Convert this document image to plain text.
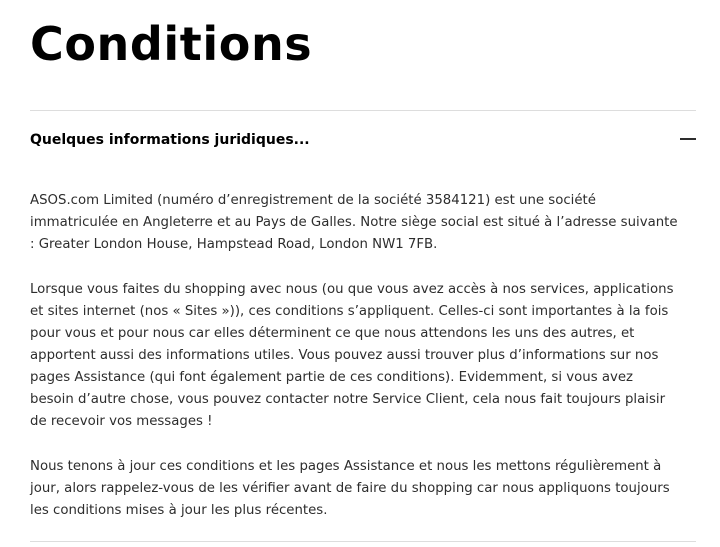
Conditions
Quelques informations juridiques...

ASOS.com Limited (numéro d’enregistrement de la société 3584121) est une société
immatriculée en Angleterre et au Pays de Galles. Notre siège social est situé à l’adresse suivante
: Greater London House, Hampstead Road, London NW1 7FB.

Lorsque vous faites du shopping avec nous (ou que vous avez accès à nos services, applications
et sites internet (nos « Sites »)), ces conditions s’appliquent. Celles-ci sont importantes à la fois
pour vous et pour nous car elles déterminent ce que nous attendons les uns des autres, et
apportent aussi des informations utiles. Vous pouvez aussi trouver plus d’informations sur nos
pages Assistance (qui font également partie de ces conditions). Evidemment, si vous avez
besoin d’autre chose, vous pouvez contacter notre Service Client, cela nous fait toujours plaisir
de recevoir vos messages !

Nous tenons à jour ces conditions et les pages Assistance et nous les mettons régulièrement à
jour, alors rappelez-vous de les vérifier avant de faire du shopping car nous appliquons toujours
les conditions mises à jour les plus récentes.
